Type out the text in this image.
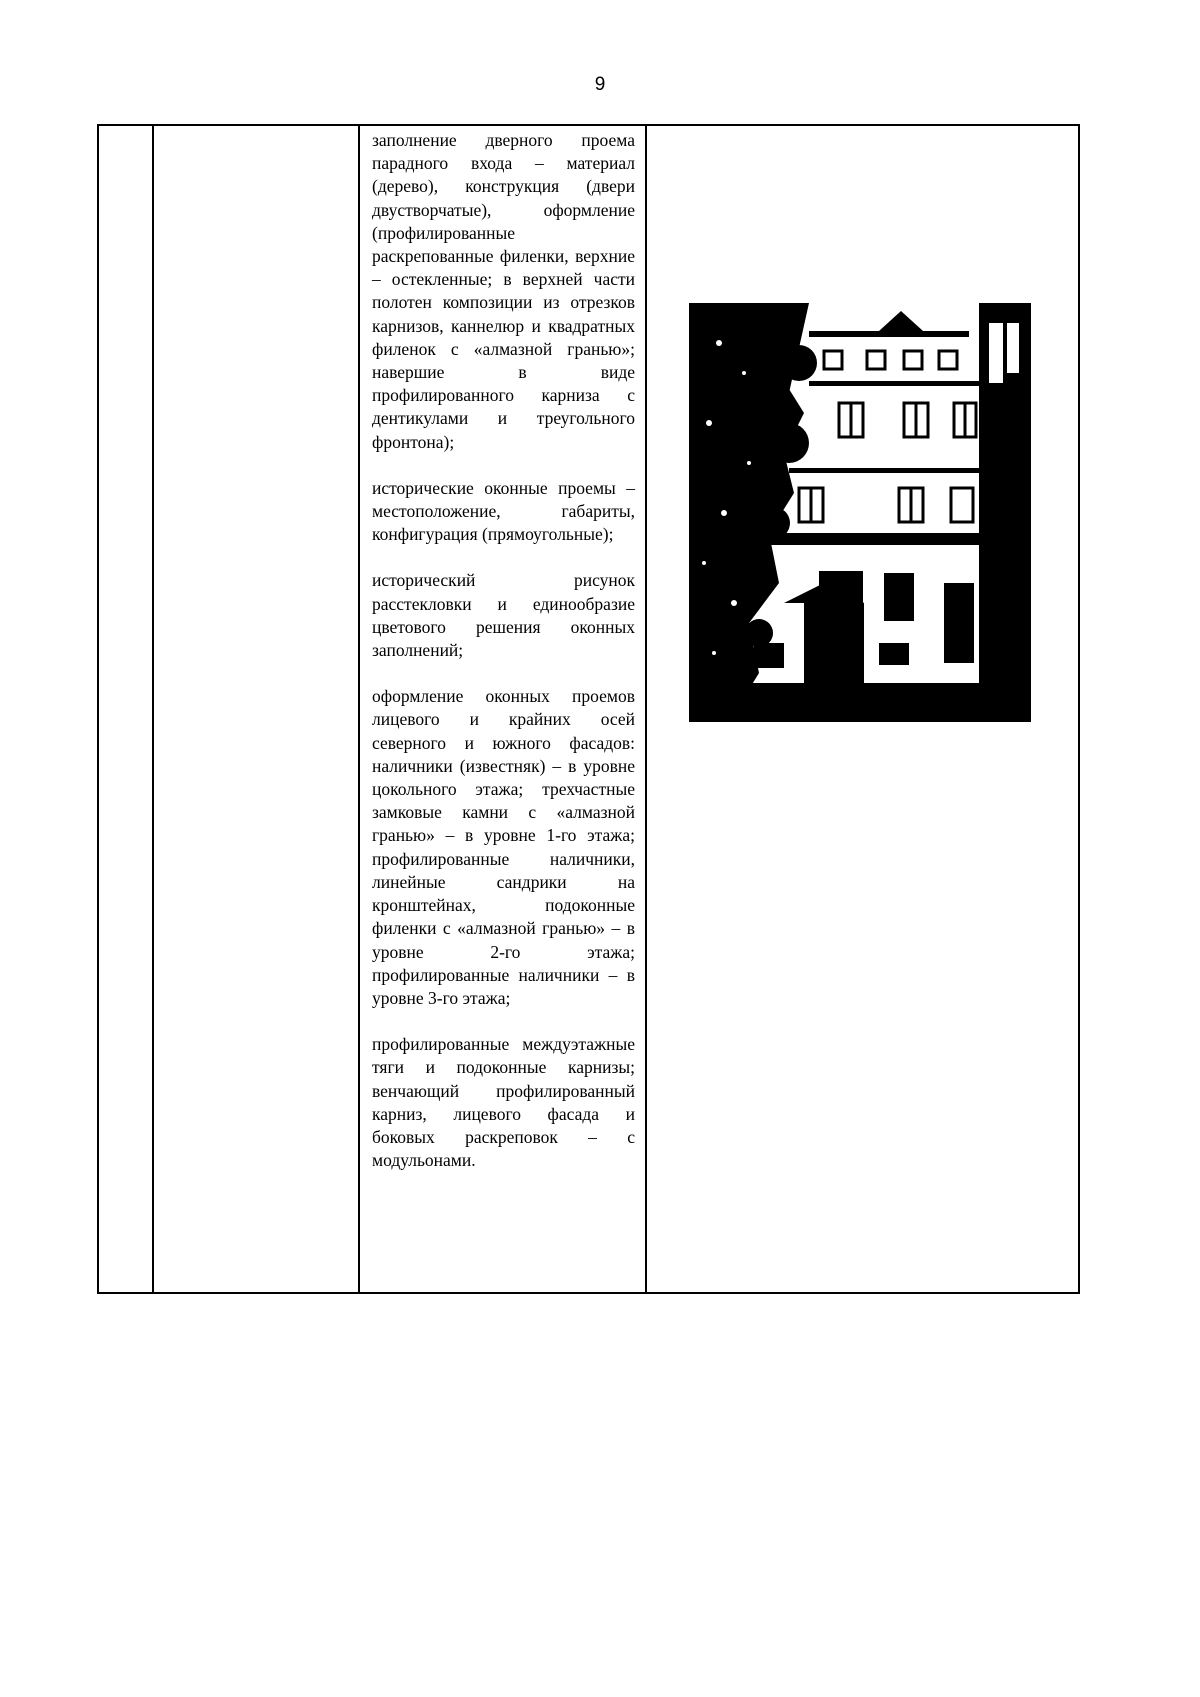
9

заполнение дверного проема парадного входа – материал (дерево), конструкция (двери двустворчатые), оформление (профилированные раскрепованные филенки, верхние – остекленные; в верхней части полотен композиции из отрезков карнизов, каннелюр и квадратных филенок с «алмазной гранью»; навершие в виде профилированного карниза с дентикулами и треугольного фронтона);

исторические оконные проемы – местоположение, габариты, конфигурация (прямоугольные);

исторический рисунок расстекловки и единообразие цветового решения оконных заполнений;

оформление оконных проемов лицевого и крайних осей северного и южного фасадов: наличники (известняк) – в уровне цокольного этажа; трехчастные замковые камни с «алмазной гранью» – в уровне 1-го этажа; профилированные наличники, линейные сандрики на кронштейнах, подоконные филенки с «алмазной гранью» – в уровне 2-го этажа; профилированные наличники – в уровне 3-го этажа;

профилированные междуэтажные тяги и подоконные карнизы; венчающий профилированный карниз, лицевого фасада и боковых раскреповок – с модульонами.
